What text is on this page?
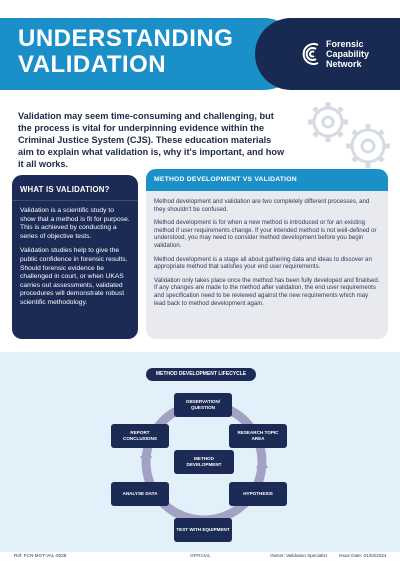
UNDERSTANDING
VALIDATION
Forensic
Capability
Network

Validation may seem time-consuming and challenging, but the process is vital for underpinning evidence within the Criminal Justice System (CJS). These education materials aim to explain what validation is, why it's important, and how it all works.

WHAT IS VALIDATION?

Validation is a scientific study to show that a method is fit for purpose. This is achieved by conducting a series of objective tests.

Validation studies help to give the public confidence in forensic results. Should forensic evidence be challenged in court, or when UKAS carries out assessments, validated procedures will demonstrate robust scientific methodology.

METHOD DEVELOPMENT VS VALIDATION

Method development and validation are two completely different processes, and they shouldn't be confused.

Method development is for when a new method is introduced or for an existing method if user requirements change. If your intended method is not well-defined or understood, you may need to consider method development before you begin validation.

Method development is a stage all about gathering data and ideas to discover an appropriate method that satisfies your end user requirements.

Validation only takes place once the method has been fully developed and finalised. If any changes are made to the method after validation, the end user requirements and specification need to be reviewed against the new requirements which may lead back to method development again.

METHOD DEVELOPMENT LIFECYCLE
OBSERVATION/ QUESTION
RESEARCH TOPIC AREA
HYPOTHESIS
TEST WITH EQUIPMENT
ANALYSE DATA
REPORT CONCLUSIONS
METHOD DEVELOPMENT
Ref: FCN-MGT-VAL-0038	OFFICIAL	Owner: Validation Specialist	Issue Date: 01/02/2024
